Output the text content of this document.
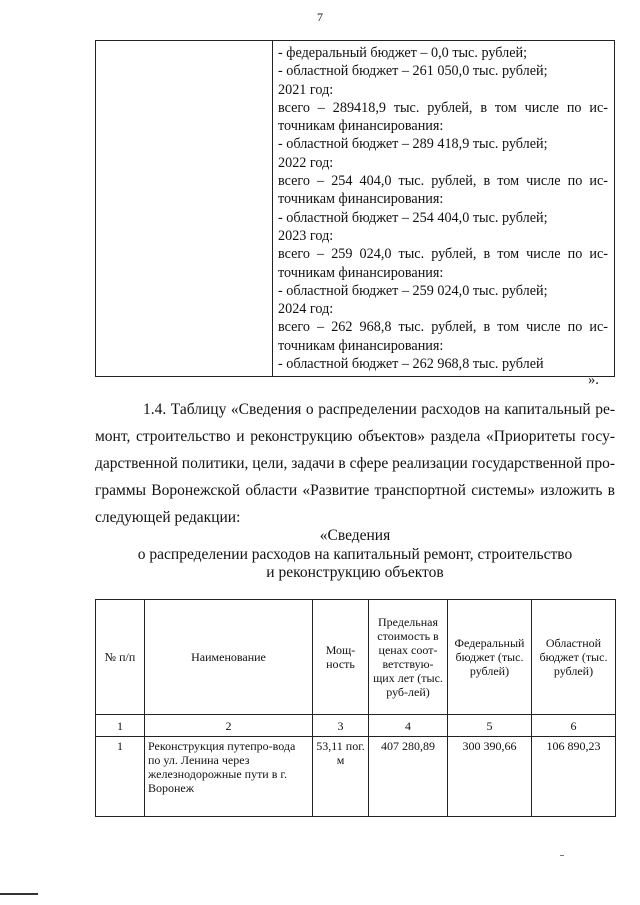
7

- федеральный бюджет – 0,0 тыс. рублей;
- областной бюджет – 261 050,0 тыс. рублей;
2021 год:
всего – 289418,9 тыс. рублей, в том числе по ис-
точникам финансирования:
- областной бюджет – 289 418,9 тыс. рублей;
2022 год:
всего – 254 404,0 тыс. рублей, в том числе по ис-
точникам финансирования:
- областной бюджет – 254 404,0 тыс. рублей;
2023 год:
всего – 259 024,0 тыс. рублей, в том числе по ис-
точникам финансирования:
- областной бюджет – 259 024,0 тыс. рублей;
2024 год:
всего – 262 968,8 тыс. рублей, в том числе по ис-
точникам финансирования:
- областной бюджет – 262 968,8 тыс. рублей
».
1.4. Таблицу «Сведения о распределении расходов на капитальный ре-
монт, строительство и реконструкцию объектов» раздела «Приоритеты госу-
дарственной политики, цели, задачи в сфере реализации государственной про-
граммы Воронежской области «Развитие транспортной системы» изложить в
следующей редакции:
«Сведения
о распределении расходов на капитальный ремонт, строительство
и реконструкцию объектов
№ п/п	Наименование	Мощ-ность	Предельная стоимость в ценах соот-ветствую-щих лет (тыс. руб-лей)	Федеральный бюджет (тыс. рублей)	Областной бюджет (тыс. рублей)
1	2	3	4	5	6
1	Реконструкция путепро-вода по ул. Ленина через железнодорожные пути в г. Воронеж	53,11 пог. м	407 280,89	300 390,66	106 890,23
